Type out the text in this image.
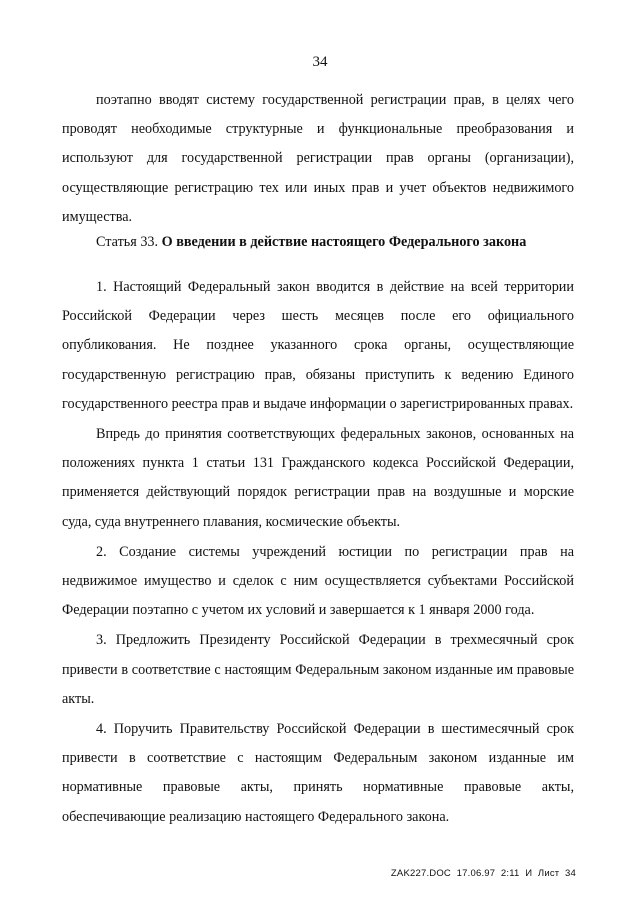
34

поэтапно вводят систему государственной регистрации прав, в целях чего проводят необходимые структурные и функциональные преобразования и используют для государственной регистрации прав органы (организации), осуществляющие регистрацию тех или иных прав и учет объектов недвижимого имущества.

Статья 33. О введении в действие настоящего Федерального закона

1. Настоящий Федеральный закон вводится в действие на всей территории Российской Федерации через шесть месяцев после его официального опубликования. Не позднее указанного срока органы, осуществляющие государственную регистрацию прав, обязаны приступить к ведению Единого государственного реестра прав и выдаче информации о зарегистрированных правах.

Впредь до принятия соответствующих федеральных законов, основанных на положениях пункта 1 статьи 131 Гражданского кодекса Российской Федерации, применяется действующий порядок регистрации прав на воздушные и морские суда, суда внутреннего плавания, космические объекты.

2. Создание системы учреждений юстиции по регистрации прав на недвижимое имущество и сделок с ним осуществляется субъектами Российской Федерации поэтапно с учетом их условий и завершается к 1 января 2000 года.

3. Предложить Президенту Российской Федерации в трехмесячный срок привести в соответствие с настоящим Федеральным законом изданные им правовые акты.

4. Поручить Правительству Российской Федерации в шестимесячный срок привести в соответствие с настоящим Федеральным законом изданные им нормативные правовые акты, принять нормативные правовые акты, обеспечивающие реализацию настоящего Федерального закона.

ZAK227.DOC  17.06.97  2:11  И  Лист  34
